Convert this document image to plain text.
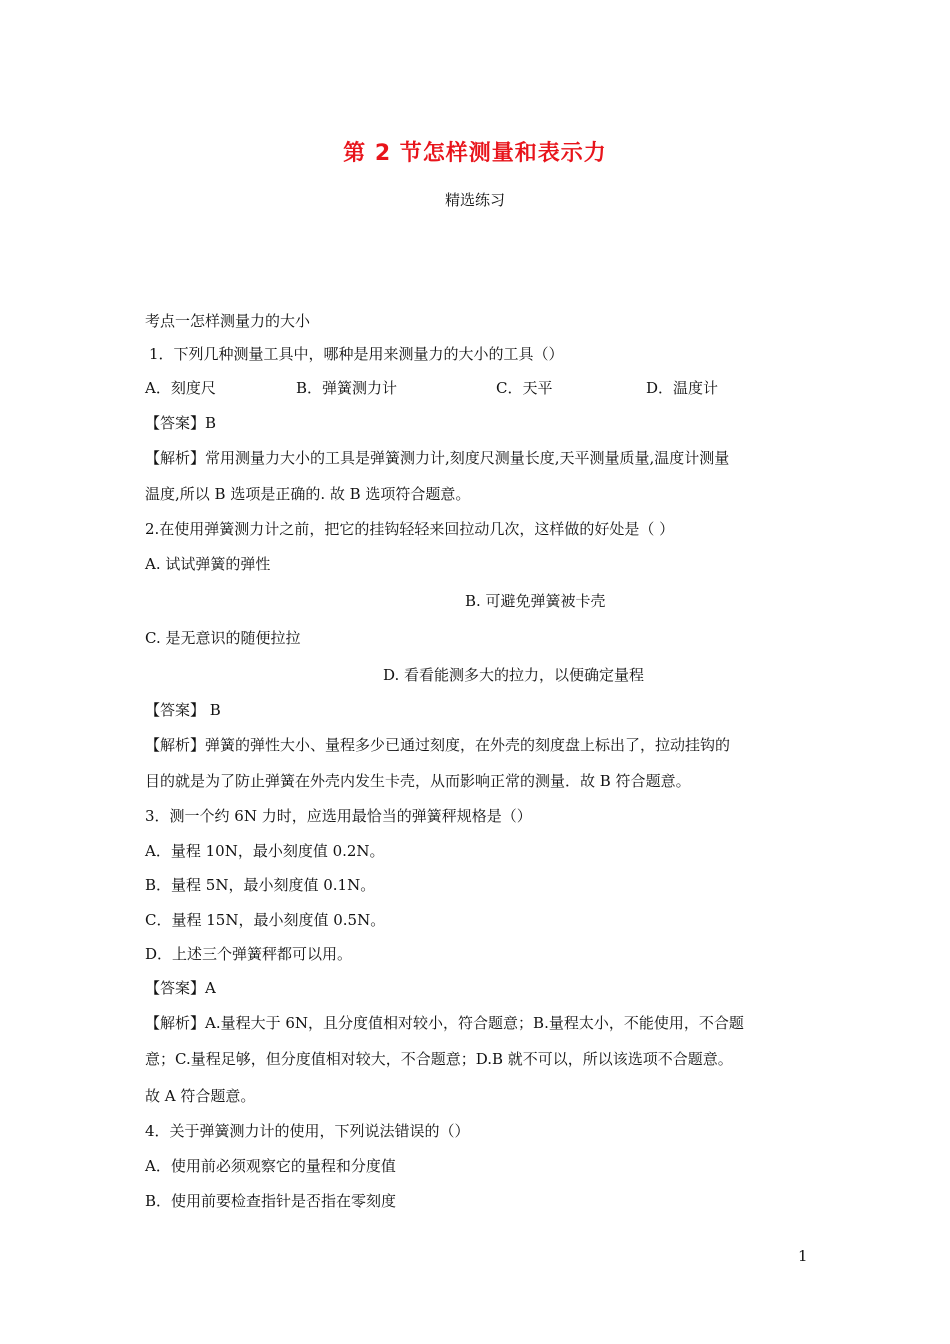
第 2 节怎样测量和表示力
精选练习
考点一怎样测量力的大小
1．下列几种测量工具中，哪种是用来测量力的大小的工具（）
A．刻度尺	B．弹簧测力计	C．天平	D．温度计
【答案】B
【解析】常用测量力大小的工具是弹簧测力计,刻度尺测量长度,天平测量质量,温度计测量
温度,所以 B 选项是正确的. 故 B 选项符合题意。
2.在使用弹簧测力计之前，把它的挂钩轻轻来回拉动几次，这样做的好处是（ ）
A. 试试弹簧的弹性
B. 可避免弹簧被卡壳
C. 是无意识的随便拉拉
D. 看看能测多大的拉力，以便确定量程
【答案】 B
【解析】弹簧的弹性大小、量程多少已通过刻度，在外壳的刻度盘上标出了，拉动挂钩的
目的就是为了防止弹簧在外壳内发生卡壳，从而影响正常的测量．故 B 符合题意。
3．测一个约 6N 力时，应选用最恰当的弹簧秤规格是（）
A．量程 10N，最小刻度值 0.2N。
B．量程 5N，最小刻度值 0.1N。
C．量程 15N，最小刻度值 0.5N。
D．上述三个弹簧秤都可以用。
【答案】A
【解析】A.量程大于 6N，且分度值相对较小，符合题意；B.量程太小，不能使用，不合题
意；C.量程足够，但分度值相对较大，不合题意；D.B 就不可以，所以该选项不合题意。
故 A 符合题意。
4．关于弹簧测力计的使用，下列说法错误的（）
A．使用前必须观察它的量程和分度值
B．使用前要检查指针是否指在零刻度
1
